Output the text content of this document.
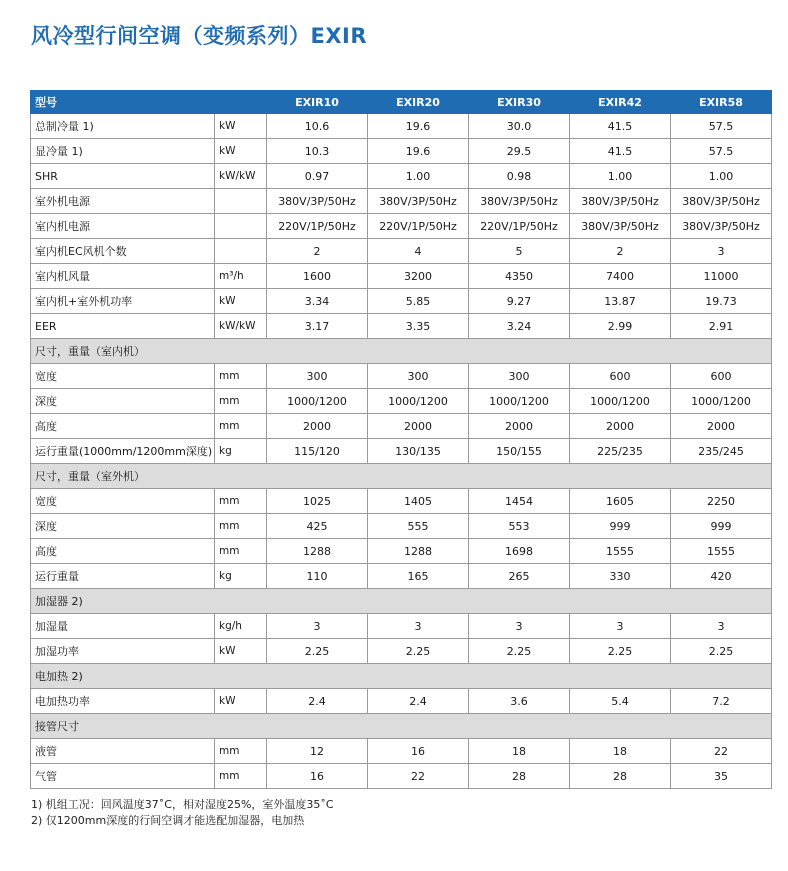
风冷型行间空调（变频系列）EXIR
型号		EXIR10	EXIR20	EXIR30	EXIR42	EXIR58
总制冷量 1)	kW	10.6	19.6	30.0	41.5	57.5
显冷量 1)	kW	10.3	19.6	29.5	41.5	57.5
SHR	kW/kW	0.97	1.00	0.98	1.00	1.00
室外机电源		380V/3P/50Hz	380V/3P/50Hz	380V/3P/50Hz	380V/3P/50Hz	380V/3P/50Hz
室内机电源		220V/1P/50Hz	220V/1P/50Hz	220V/1P/50Hz	380V/3P/50Hz	380V/3P/50Hz
室内机EC风机个数		2	4	5	2	3
室内机风量	m³/h	1600	3200	4350	7400	11000
室内机+室外机功率	kW	3.34	5.85	9.27	13.87	19.73
EER	kW/kW	3.17	3.35	3.24	2.99	2.91
尺寸，重量（室内机）						
宽度	mm	300	300	300	600	600
深度	mm	1000/1200	1000/1200	1000/1200	1000/1200	1000/1200
高度	mm	2000	2000	2000	2000	2000
运行重量(1000mm/1200mm深度)	kg	115/120	130/135	150/155	225/235	235/245
尺寸，重量（室外机）						
宽度	mm	1025	1405	1454	1605	2250
深度	mm	425	555	553	999	999
高度	mm	1288	1288	1698	1555	1555
运行重量	kg	110	165	265	330	420
加湿器 2)						
加湿量	kg/h	3	3	3	3	3
加湿功率	kW	2.25	2.25	2.25	2.25	2.25
电加热 2)						
电加热功率	kW	2.4	2.4	3.6	5.4	7.2
接管尺寸						
液管	mm	12	16	18	18	22
气管	mm	16	22	28	28	35
1) 机组工况：回风温度37˚C，相对湿度25%，室外温度35˚C
2) 仅1200mm深度的行间空调才能选配加湿器，电加热
